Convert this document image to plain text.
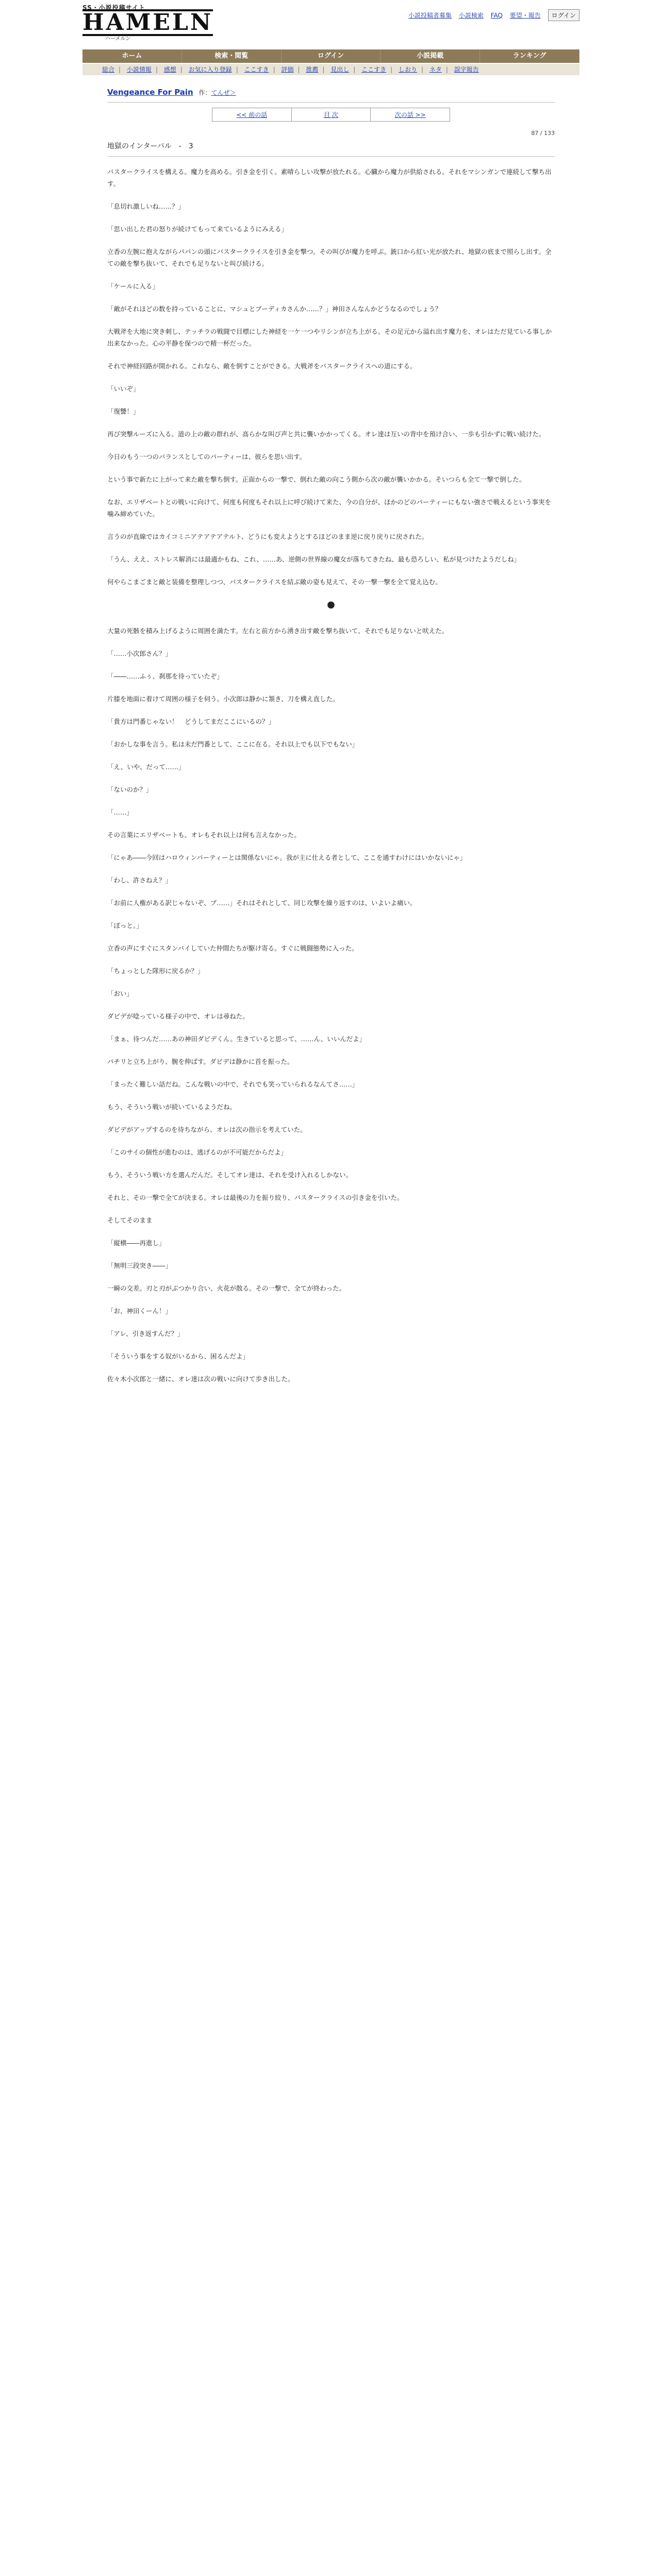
SS・小説投稿サイト
HAMELN
ハーメルン
小説投稿者募集 小説検索 FAQ 要望・報告 ログイン
ホーム	検索・閲覧	ログイン	小説掲載	ランキング
総合 | 小説情報 | 感想 | お気に入り登録 | ここすき | 評価 | 推薦 | 見出し | ここすき | しおり | ネタ | 誤字報告
Vengeance For Pain 作：てんぜ＞
<< 前の話	目 次	次の話 >>
87 / 133
地獄のインターバル　-　3

バスタークライスを構える。魔力を高める。引き金を引く。素晴らしい攻撃が放たれる。心臓から魔力が供給される。それをマシンガンで連続して撃ち出す。

「息切れ激しいね……？」

「思い出した君の怒りが続けてもって来ているようにみえる」

立香の左腕に抱えながらパパンの頭にバスタークライスを引き金を撃つ。その叫びが魔力を呼ぶ。銃口から紅い光が放たれ、地獄の底まで照らし出す。全ての敵を撃ち抜いて、それでも足りないと叫び続ける。

「ケールに入る」

「敵がそれほどの数を持っていることに、マシュとブーディカさんか……？」神田さんなんかどうなるのでしょう？

大戦斧を大地に突き刺し、テッチラの戦闘で目標にした神経を一ケ一つやリシンが立ち上がる。その足元から溢れ出す魔力を、オレはただ見ている事しか出来なかった。心の平静を保つので精一杯だった。

それで神経回路が開かれる。これなら、敵を倒すことができる。大戦斧をバスタークライスへの道にする。

「いいぞ」

「復讐！」

再び突撃ルーズに入る。道の上の敵の群れが、高らかな叫び声と共に襲いかかってくる。オレ達は互いの背中を預け合い、一歩も引かずに戦い続けた。

今日のもう一つのバランスとしてのパーティーは、彼らを思い出す。

という事で新たに上がって来た敵を撃ち倒す。正面からの一撃で、倒れた敵の向こう側から次の敵が襲いかかる。そいつらも全て一撃で倒した。

なお、エリザベートとの戦いに向けて、何度も何度もそれ以上に呼び続けて来た、今の自分が、ほかのどのパーティーにもない強さで戦えるという事実を噛み締めていた。

言うのが直線ではカイコミニアテアテアテルト、どうにも変えようとするほどのまま逆に戻り戻りに戻された。

「うん、ええ、ストレス解消には最適かもね、これ、……あ、逆側の世界線の魔女が落ちてきたね、最も恐ろしい、私が見つけたようだしね」

何やらこまごまと敵と装備を整理しつつ、バスタークライスを結ぶ敵の姿も見えて、その一撃一撃を全て覚え込む。

●

大量の死骸を積み上げるように周囲を満たす。左右と前方から湧き出す敵を撃ち抜いて、それでも足りないと吠えた。

「……小次郎さん？」

「――……ふぅ、刹那を待っていたぞ」

片膝を地面に着けて周囲の様子を伺う。小次郎は静かに頷き、刀を構え直した。

「貴方は門番じゃない！　どうしてまだここにいるの？」

「おかしな事を言う。私は未だ門番として、ここに在る。それ以上でも以下でもない」

「え、いや、だって……」

「ないのか？」

「……」

その言葉にエリザベートも、オレもそれ以上は何も言えなかった。

「にゃあ――今回はハロウィンパーティーとは関係ないにゃ。我が主に仕える者として、ここを通すわけにはいかないにゃ」

「わし、許さねえ？」

「お前に人権がある訳じゃないぞ、ブ……」それはそれとして、同じ攻撃を繰り返すのは、いよいよ痛い。

「ぽっと。」

立香の声にすぐにスタンバイしていた仲間たちが駆け寄る。すぐに戦闘態勢に入った。

「ちょっとした隊形に戻るか？」

「おい」

ダビデが唸っている様子の中で、オレは尋ねた。

「まぁ、待つんだ……あの神田ダビデくん。生きていると思って、……ん、いいんだよ」

パチリと立ち上がり、腕を伸ばす。ダビデは静かに首を振った。

「まったく難しい話だね。こんな戦いの中で、それでも笑っていられるなんてさ……」

もう、そういう戦いが続いているようだね。

ダビデがアップするのを待ちながら、オレは次の指示を考えていた。

「このサイの個性が進むのは、逃げるのが不可能だからだよ」

もう、そういう戦い方を選んだんだ。そしてオレ達は、それを受け入れるしかない。

それと、その一撃で全てが決まる。オレは最後の力を振り絞り、バスタークライスの引き金を引いた。

そしてそのまま

「縦横――再進し」

「無明三段突き――」

一瞬の交差。刃と刃がぶつかり合い、火花が散る。その一撃で、全てが終わった。

「お、神田くーん！」

「アレ、引き返すんだ？」

「そういう事をする奴がいるから、困るんだよ」

佐々木小次郎と一緒に、オレ達は次の戦いに向けて歩き出した。
